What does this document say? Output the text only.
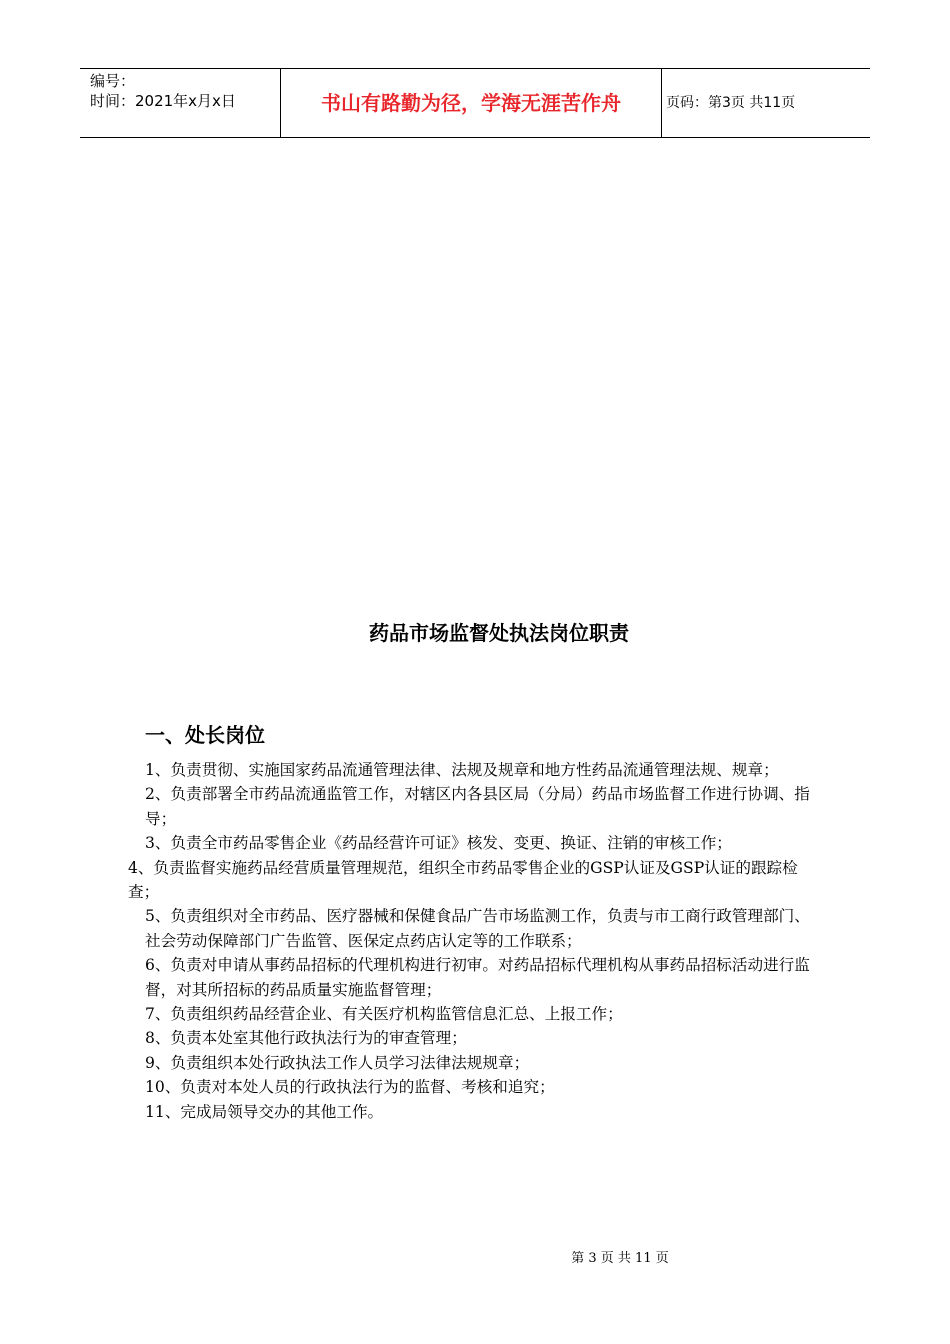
编号：
时间：2021年x月x日	书山有路勤为径，学海无涯苦作舟	页码：第3页 共11页
药品市场监督处执法岗位职责
一、处长岗位

1、负责贯彻、实施国家药品流通管理法律、法规及规章和地方性药品流通管理法规、规章；

2、负责部署全市药品流通监管工作，对辖区内各县区局（分局）药品市场监督工作进行协调、指导；

3、负责全市药品零售企业《药品经营许可证》核发、变更、换证、注销的审核工作；

4、负责监督实施药品经营质量管理规范，组织全市药品零售企业的GSP认证及GSP认证的跟踪检查；

5、负责组织对全市药品、医疗器械和保健食品广告市场监测工作，负责与市工商行政管理部门、社会劳动保障部门广告监管、医保定点药店认定等的工作联系；

6、负责对申请从事药品招标的代理机构进行初审。对药品招标代理机构从事药品招标活动进行监督，对其所招标的药品质量实施监督管理；

7、负责组织药品经营企业、有关医疗机构监管信息汇总、上报工作；

8、负责本处室其他行政执法行为的审查管理；

9、负责组织本处行政执法工作人员学习法律法规规章；

10、负责对本处人员的行政执法行为的监督、考核和追究；

11、完成局领导交办的其他工作。

第 3 页 共 11 页
